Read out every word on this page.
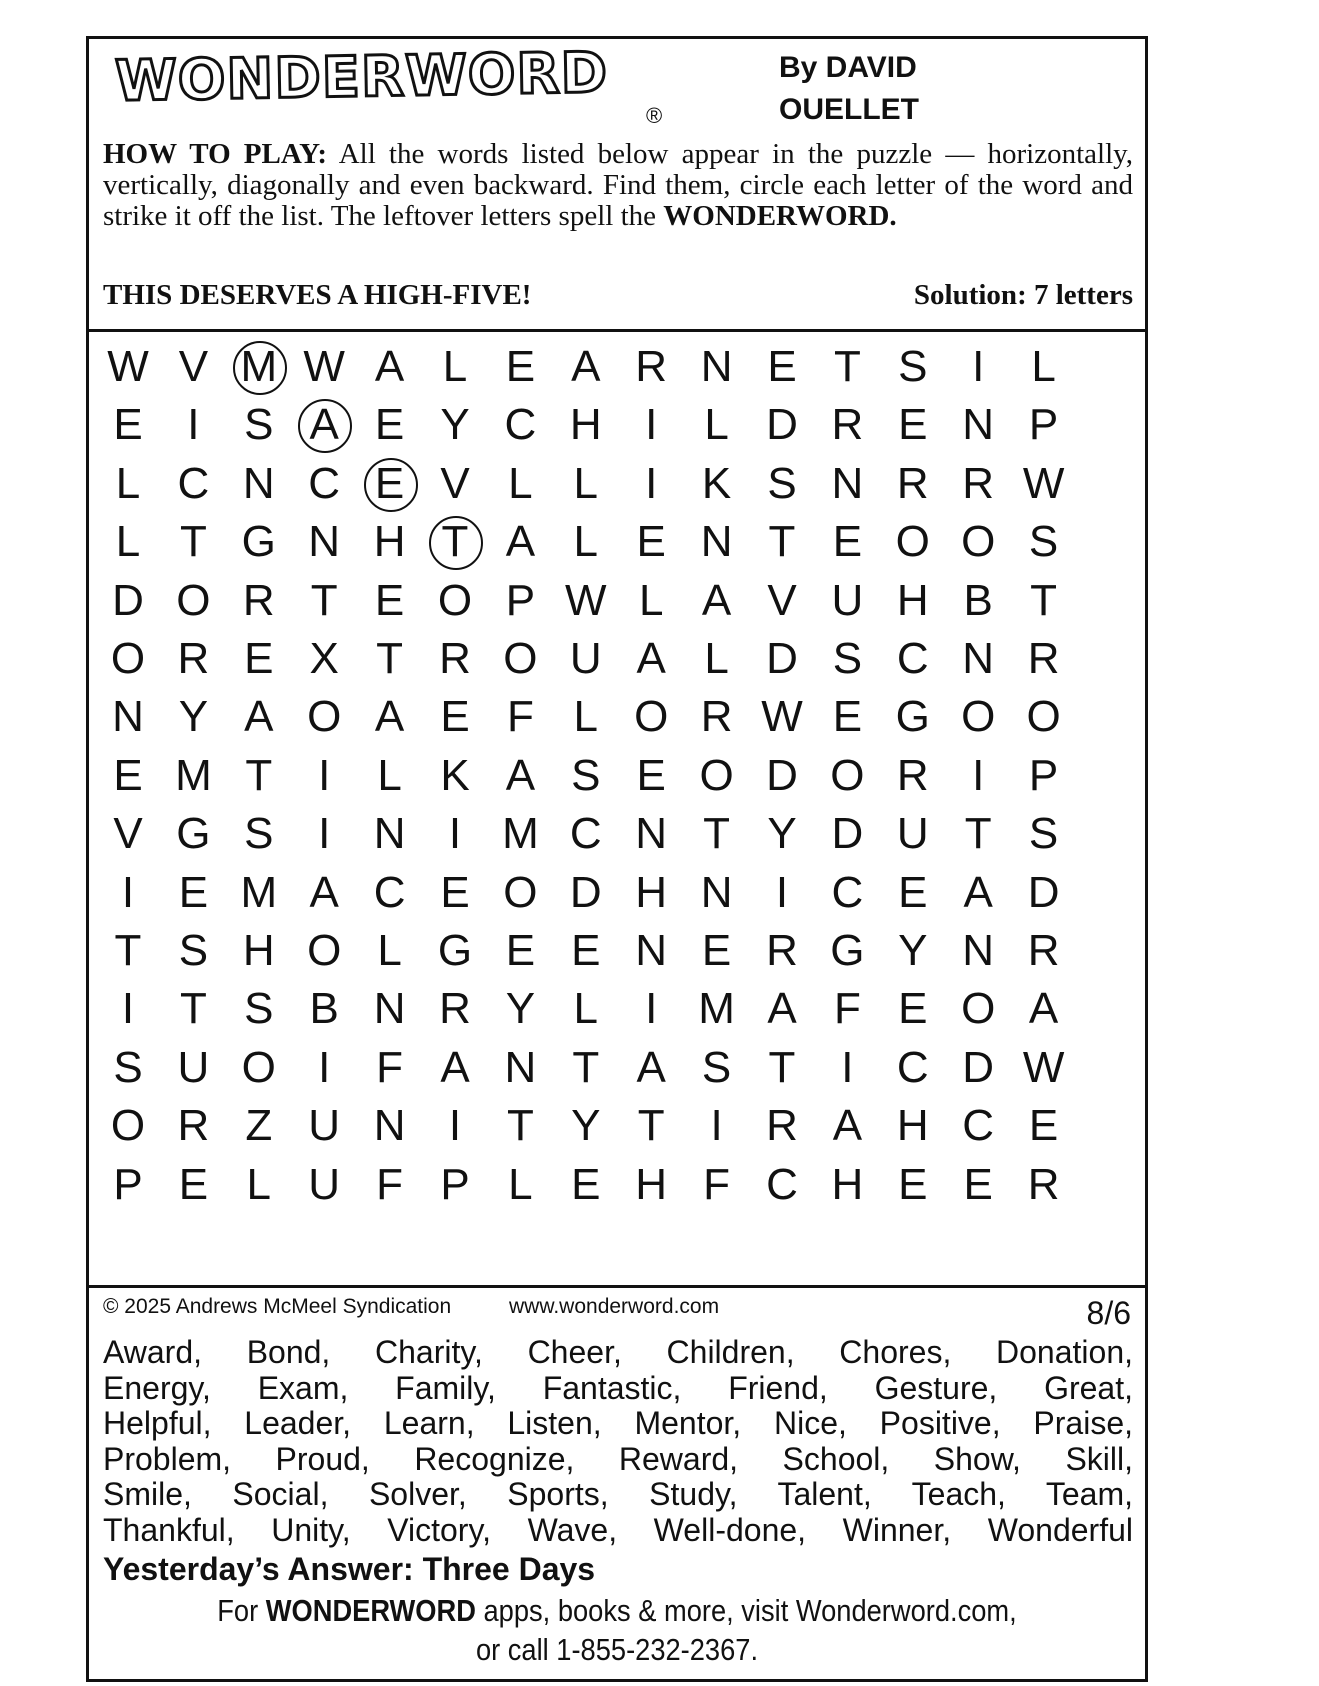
WONDERWORD
®
By DAVID
OUELLET
HOW TO PLAY: All the words listed below appear in the puzzle — horizontally, vertically, diagonally and even backward. Find them, circle each letter of the word and strike it off the list. The leftover letters spell the WONDERWORD.
THIS DESERVES A HIGH-FIVE!	Solution: 7 letters
W V M W A L E A R N E T S	I	L
E	I	S A E Y C H I	L D R E N P
L C N C E V L L	I	K S N R R W
L T G N H T A L E N T E O O S
D O R T E O P W L A V U H B T
O R E X T R O U A L D S C N R
N Y A O A E F L O R W E G O O
E M T	I	L K A S E O D O R I	P
V G S	I N I M C N T Y D U T S
I	E M A C E O D H N I C E A D
T S H O L G E E N E R G Y N R
I	T S B N R Y L	I M A F E O A
S U O I	F A N T A S T	I C D W
O R Z U N I	T Y T	I R A H C E
P E L U F P L E H F C H E E R
© 2025 Andrews McMeel Syndication	www.wonderword.com	8/6
Award, Bond, Charity, Cheer, Children, Chores, Donation,
Energy, Exam, Family, Fantastic, Friend, Gesture, Great,
Helpful, Leader, Learn, Listen, Mentor, Nice, Positive, Praise,
Problem, Proud, Recognize, Reward, School, Show, Skill,
Smile, Social, Solver, Sports, Study, Talent, Teach, Team,
Thankful, Unity, Victory, Wave, Well-done, Winner, Wonderful
Yesterday’s Answer: Three Days
For WONDERWORD apps, books & more, visit Wonderword.com,
or call 1-855-232-2367.
